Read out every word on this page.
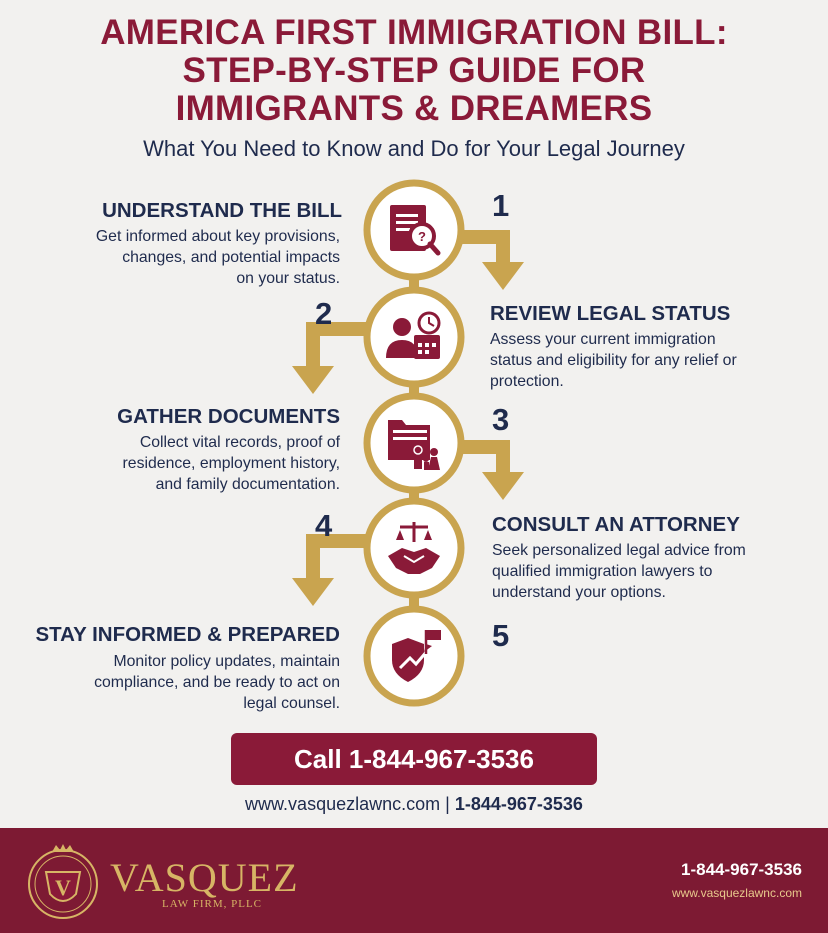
AMERICA FIRST IMMIGRATION BILL:
STEP-BY-STEP GUIDE FOR
IMMIGRANTS & DREAMERS
What You Need to Know and Do for Your Legal Journey
?
1
2
3
4
5
UNDERSTAND THE BILL
Get informed about key provisions,
changes, and potential impacts
on your status.
REVIEW LEGAL STATUS
Assess your current immigration
status and eligibility for any relief or
protection.
GATHER DOCUMENTS
Collect vital records, proof of
residence, employment history,
and family documentation.
CONSULT AN ATTORNEY
Seek personalized legal advice from
qualified immigration lawyers to
understand your options.
STAY INFORMED & PREPARED
Monitor policy updates, maintain
compliance, and be ready to act on
legal counsel.
Call 1-844-967-3536
www.vasquezlawnc.com | 1-844-967-3536
V VASQUEZ
LAW FIRM, PLLC
1-844-967-3536
www.vasquezlawnc.com
